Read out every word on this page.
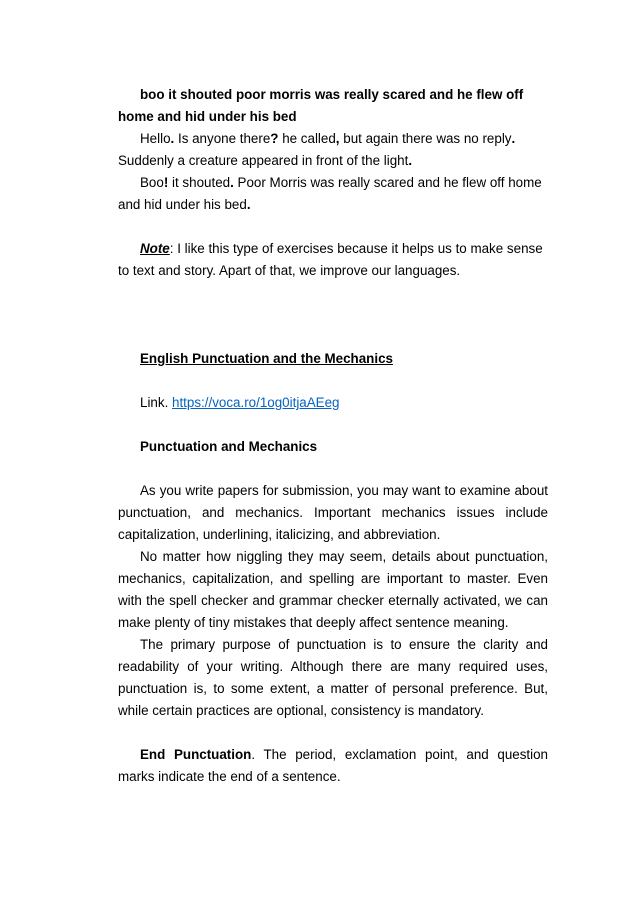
boo it shouted poor morris was really scared and he flew off home and hid under his bed

Hello. Is anyone there? he called, but again there was no reply. Suddenly a creature appeared in front of the light.

Boo! it shouted. Poor Morris was really scared and he flew off home and hid under his bed.

Note: I like this type of exercises because it helps us to make sense to text and story. Apart of that, we improve our languages.

English Punctuation and the Mechanics

Link. https://voca.ro/1og0itjaAEeg

Punctuation and Mechanics

As you write papers for submission, you may want to examine about punctuation, and mechanics. Important mechanics issues include capitalization, underlining, italicizing, and abbreviation.

No matter how niggling they may seem, details about punctuation, mechanics, capitalization, and spelling are important to master. Even with the spell checker and grammar checker eternally activated, we can make plenty of tiny mistakes that deeply affect sentence meaning.

The primary purpose of punctuation is to ensure the clarity and readability of your writing. Although there are many required uses, punctuation is, to some extent, a matter of personal preference. But, while certain practices are optional, consistency is mandatory.

End Punctuation. The period, exclamation point, and question marks indicate the end of a sentence.
